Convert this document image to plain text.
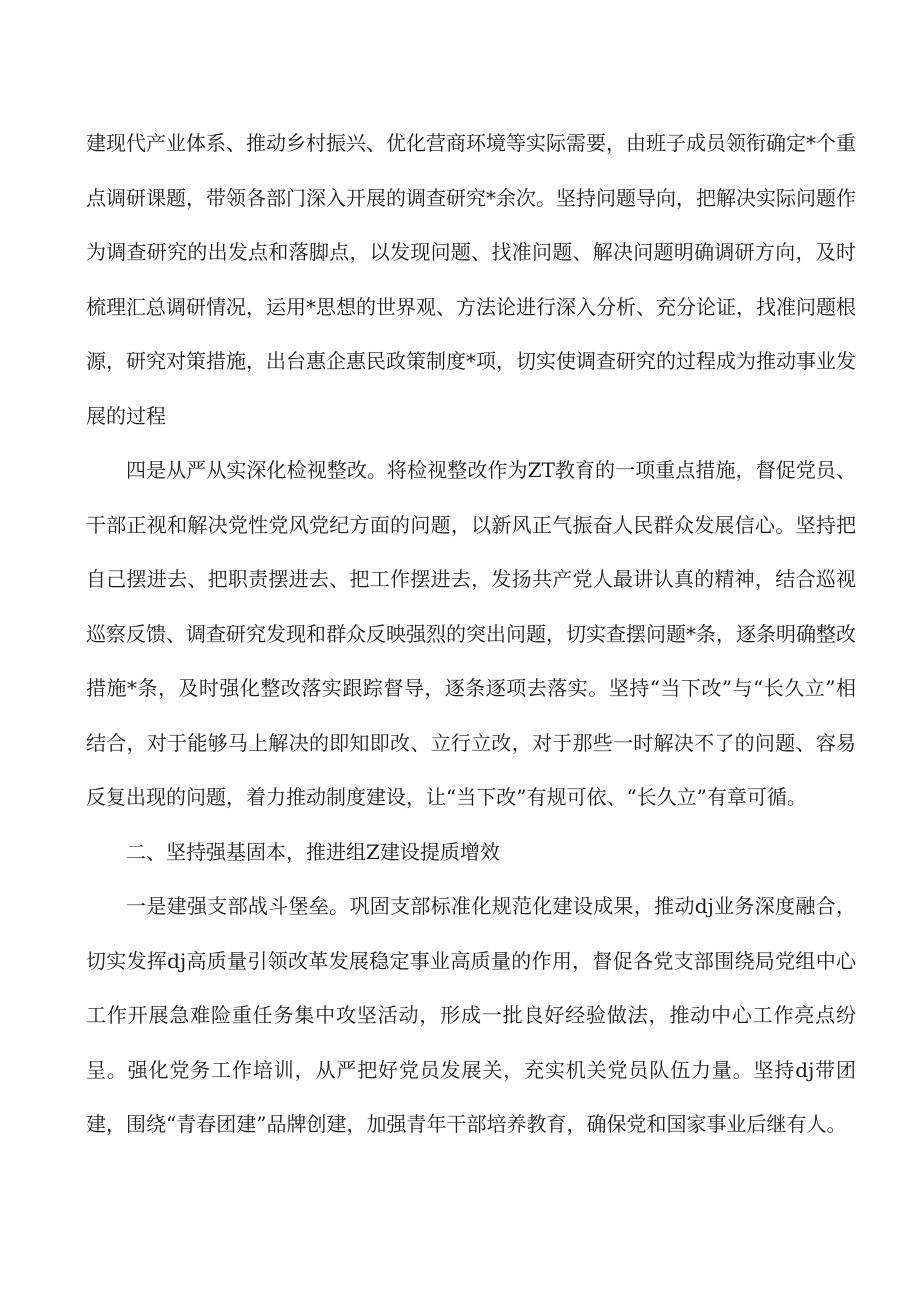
建现代产业体系、推动乡村振兴、优化营商环境等实际需要，由班子成员领衔确定*个重点调研课题，带领各部门深入开展的调查研究*余次。坚持问题导向，把解决实际问题作为调查研究的出发点和落脚点，以发现问题、找准问题、解决问题明确调研方向，及时梳理汇总调研情况，运用*思想的世界观、方法论进行深入分析、充分论证，找准问题根源，研究对策措施，出台惠企惠民政策制度*项，切实使调查研究的过程成为推动事业发展的过程

四是从严从实深化检视整改。将检视整改作为ZT教育的一项重点措施，督促党员、干部正视和解决党性党风党纪方面的问题，以新风正气振奋人民群众发展信心。坚持把自己摆进去、把职责摆进去、把工作摆进去，发扬共产党人最讲认真的精神，结合巡视巡察反馈、调查研究发现和群众反映强烈的突出问题，切实查摆问题*条，逐条明确整改措施*条，及时强化整改落实跟踪督导，逐条逐项去落实。坚持“当下改”与“长久立”相结合，对于能够马上解决的即知即改、立行立改，对于那些一时解决不了的问题、容易反复出现的问题，着力推动制度建设，让“当下改”有规可依、“长久立”有章可循。

二、坚持强基固本，推进组Z建设提质增效

一是建强支部战斗堡垒。巩固支部标准化规范化建设成果，推动dj业务深度融合，切实发挥dj高质量引领改革发展稳定事业高质量的作用，督促各党支部围绕局党组中心工作开展急难险重任务集中攻坚活动，形成一批良好经验做法，推动中心工作亮点纷呈。强化党务工作培训，从严把好党员发展关，充实机关党员队伍力量。坚持dj带团建，围绕“青春团建”品牌创建，加强青年干部培养教育，确保党和国家事业后继有人。
